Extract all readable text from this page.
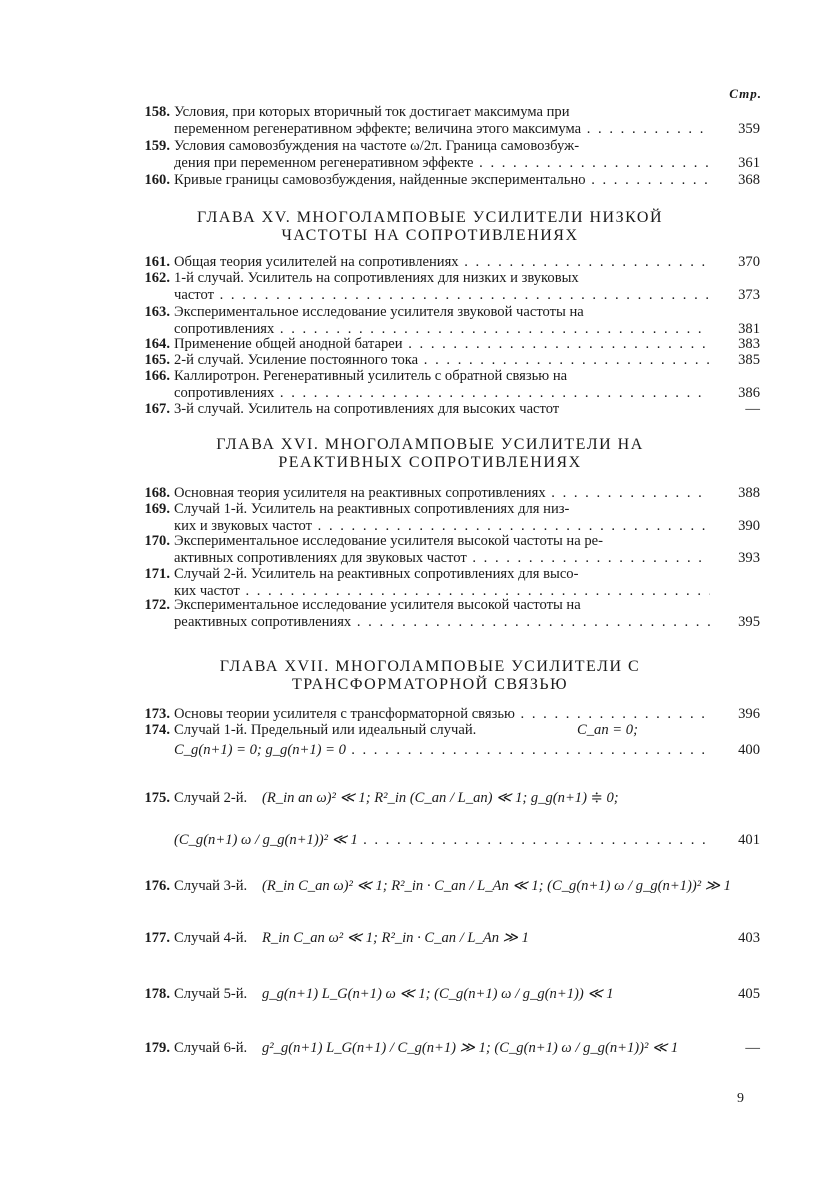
Стр.
158. Условия, при которых вторичный ток достигает максимума при
переменном регенеративном эффекте; величина этого максимума . . .	359
159. Условия самовозбуждения на частоте ω/2π. Граница самовозбуж-
дения при переменном регенеративном эффекте . . .	361
160. Кривые границы самовозбуждения, найденные экспериментально . . .	368
ГЛАВА XV. МНОГОЛАМПОВЫЕ УСИЛИТЕЛИ НИЗКОЙ
ЧАСТОТЫ НА СОПРОТИВЛЕНИЯХ
161. Общая теория усилителей на сопротивлениях . . .	370
162. 1-й случай. Усилитель на сопротивлениях для низких и звуковых
частот . . .	373
163. Экспериментальное исследование усилителя звуковой частоты на
сопротивлениях . . .	381
164. Применение общей анодной батареи . . .	383
165. 2-й случай. Усиление постоянного тока . . .	385
166. Каллиротрон. Регенеративный усилитель с обратной связью на
сопротивлениях . . .	386
167. 3-й случай. Усилитель на сопротивлениях для высоких частот	—
ГЛАВА XVI. МНОГОЛАМПОВЫЕ УСИЛИТЕЛИ НА
РЕАКТИВНЫХ СОПРОТИВЛЕНИЯХ
168. Основная теория усилителя на реактивных сопротивлениях . . .	388
169. Случай 1-й. Усилитель на реактивных сопротивлениях для низ-
ких и звуковых частот . . .	390
170. Экспериментальное исследование усилителя высокой частоты на ре-
активных сопротивлениях для звуковых частот . . .	393
171. Случай 2-й. Усилитель на реактивных сопротивлениях для высо-
ких частот . . .
172. Экспериментальное исследование усилителя высокой частоты на
реактивных сопротивлениях . . .	395
ГЛАВА XVII. МНОГОЛАМПОВЫЕ УСИЛИТЕЛИ С
ТРАНСФОРМАТОРНОЙ СВЯЗЬЮ
173. Основы теории усилителя с трансформаторной связью . . .	396
174. Случай 1-й. Предельный или идеальный случай.	C_an = 0;
C_g(n+1) = 0; g_g(n+1) = 0 . . .	400
175. Случай 2-й. (R_in an ω)² ≪ 1; R²_in (C_an / L_an) ≪ 1; g_g(n+1) ≑ 0;
(C_g(n+1) ω / g_g(n+1))² ≪ 1 . . .	401
176. Случай 3-й. (R_in C_an ω)² ≪ 1; R²_in · C_an / L_An ≪ 1; (C_g(n+1) ω / g_g(n+1))² ≫ 1
177. Случай 4-й. R_in C_an ω² ≪ 1; R²_in · C_an / L_An ≫ 1	403
178. Случай 5-й. g_g(n+1) L_G(n+1) ω ≪ 1; (C_g(n+1) ω / g_g(n+1)) ≪ 1	405
179. Случай 6-й. g²_g(n+1) L_G(n+1) / C_g(n+1) ≫ 1; (C_g(n+1) ω / g_g(n+1))² ≪ 1	—
9
